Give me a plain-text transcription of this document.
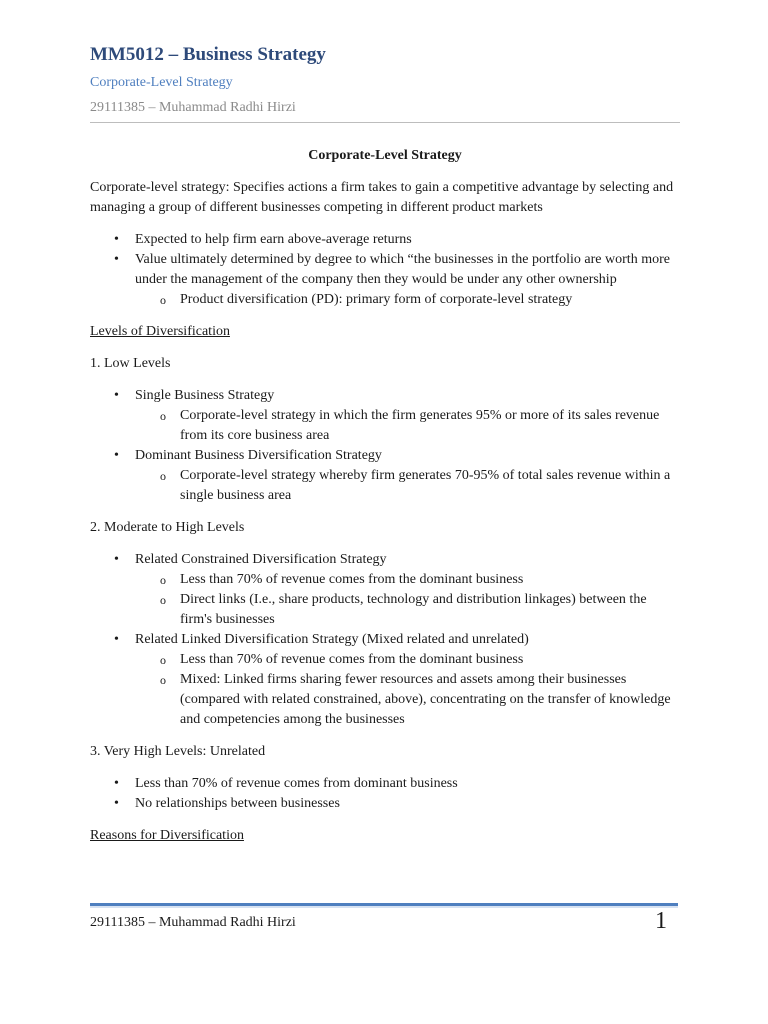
MM5012 – Business Strategy
Corporate-Level Strategy
29111385 – Muhammad Radhi Hirzi
Corporate-Level Strategy

Corporate-level strategy: Specifies actions a firm takes to gain a competitive advantage by selecting and managing a group of different businesses competing in different product markets

• Expected to help firm earn above-average returns
• Value ultimately determined by degree to which “the businesses in the portfolio are worth more under the management of the company then they would be under any other ownership
o Product diversification (PD): primary form of corporate-level strategy

Levels of Diversification

1. Low Levels

• Single Business Strategy
o Corporate-level strategy in which the firm generates 95% or more of its sales revenue from its core business area
• Dominant Business Diversification Strategy
o Corporate-level strategy whereby firm generates 70-95% of total sales revenue within a single business area

2. Moderate to High Levels

• Related Constrained Diversification Strategy
o Less than 70% of revenue comes from the dominant business
o Direct links (I.e., share products, technology and distribution linkages) between the firm's businesses
• Related Linked Diversification Strategy (Mixed related and unrelated)
o Less than 70% of revenue comes from the dominant business
o Mixed: Linked firms sharing fewer resources and assets among their businesses (compared with related constrained, above), concentrating on the transfer of knowledge and competencies among the businesses

3. Very High Levels: Unrelated

• Less than 70% of revenue comes from dominant business
• No relationships between businesses

Reasons for Diversification

29111385 – Muhammad Radhi Hirzi	1
